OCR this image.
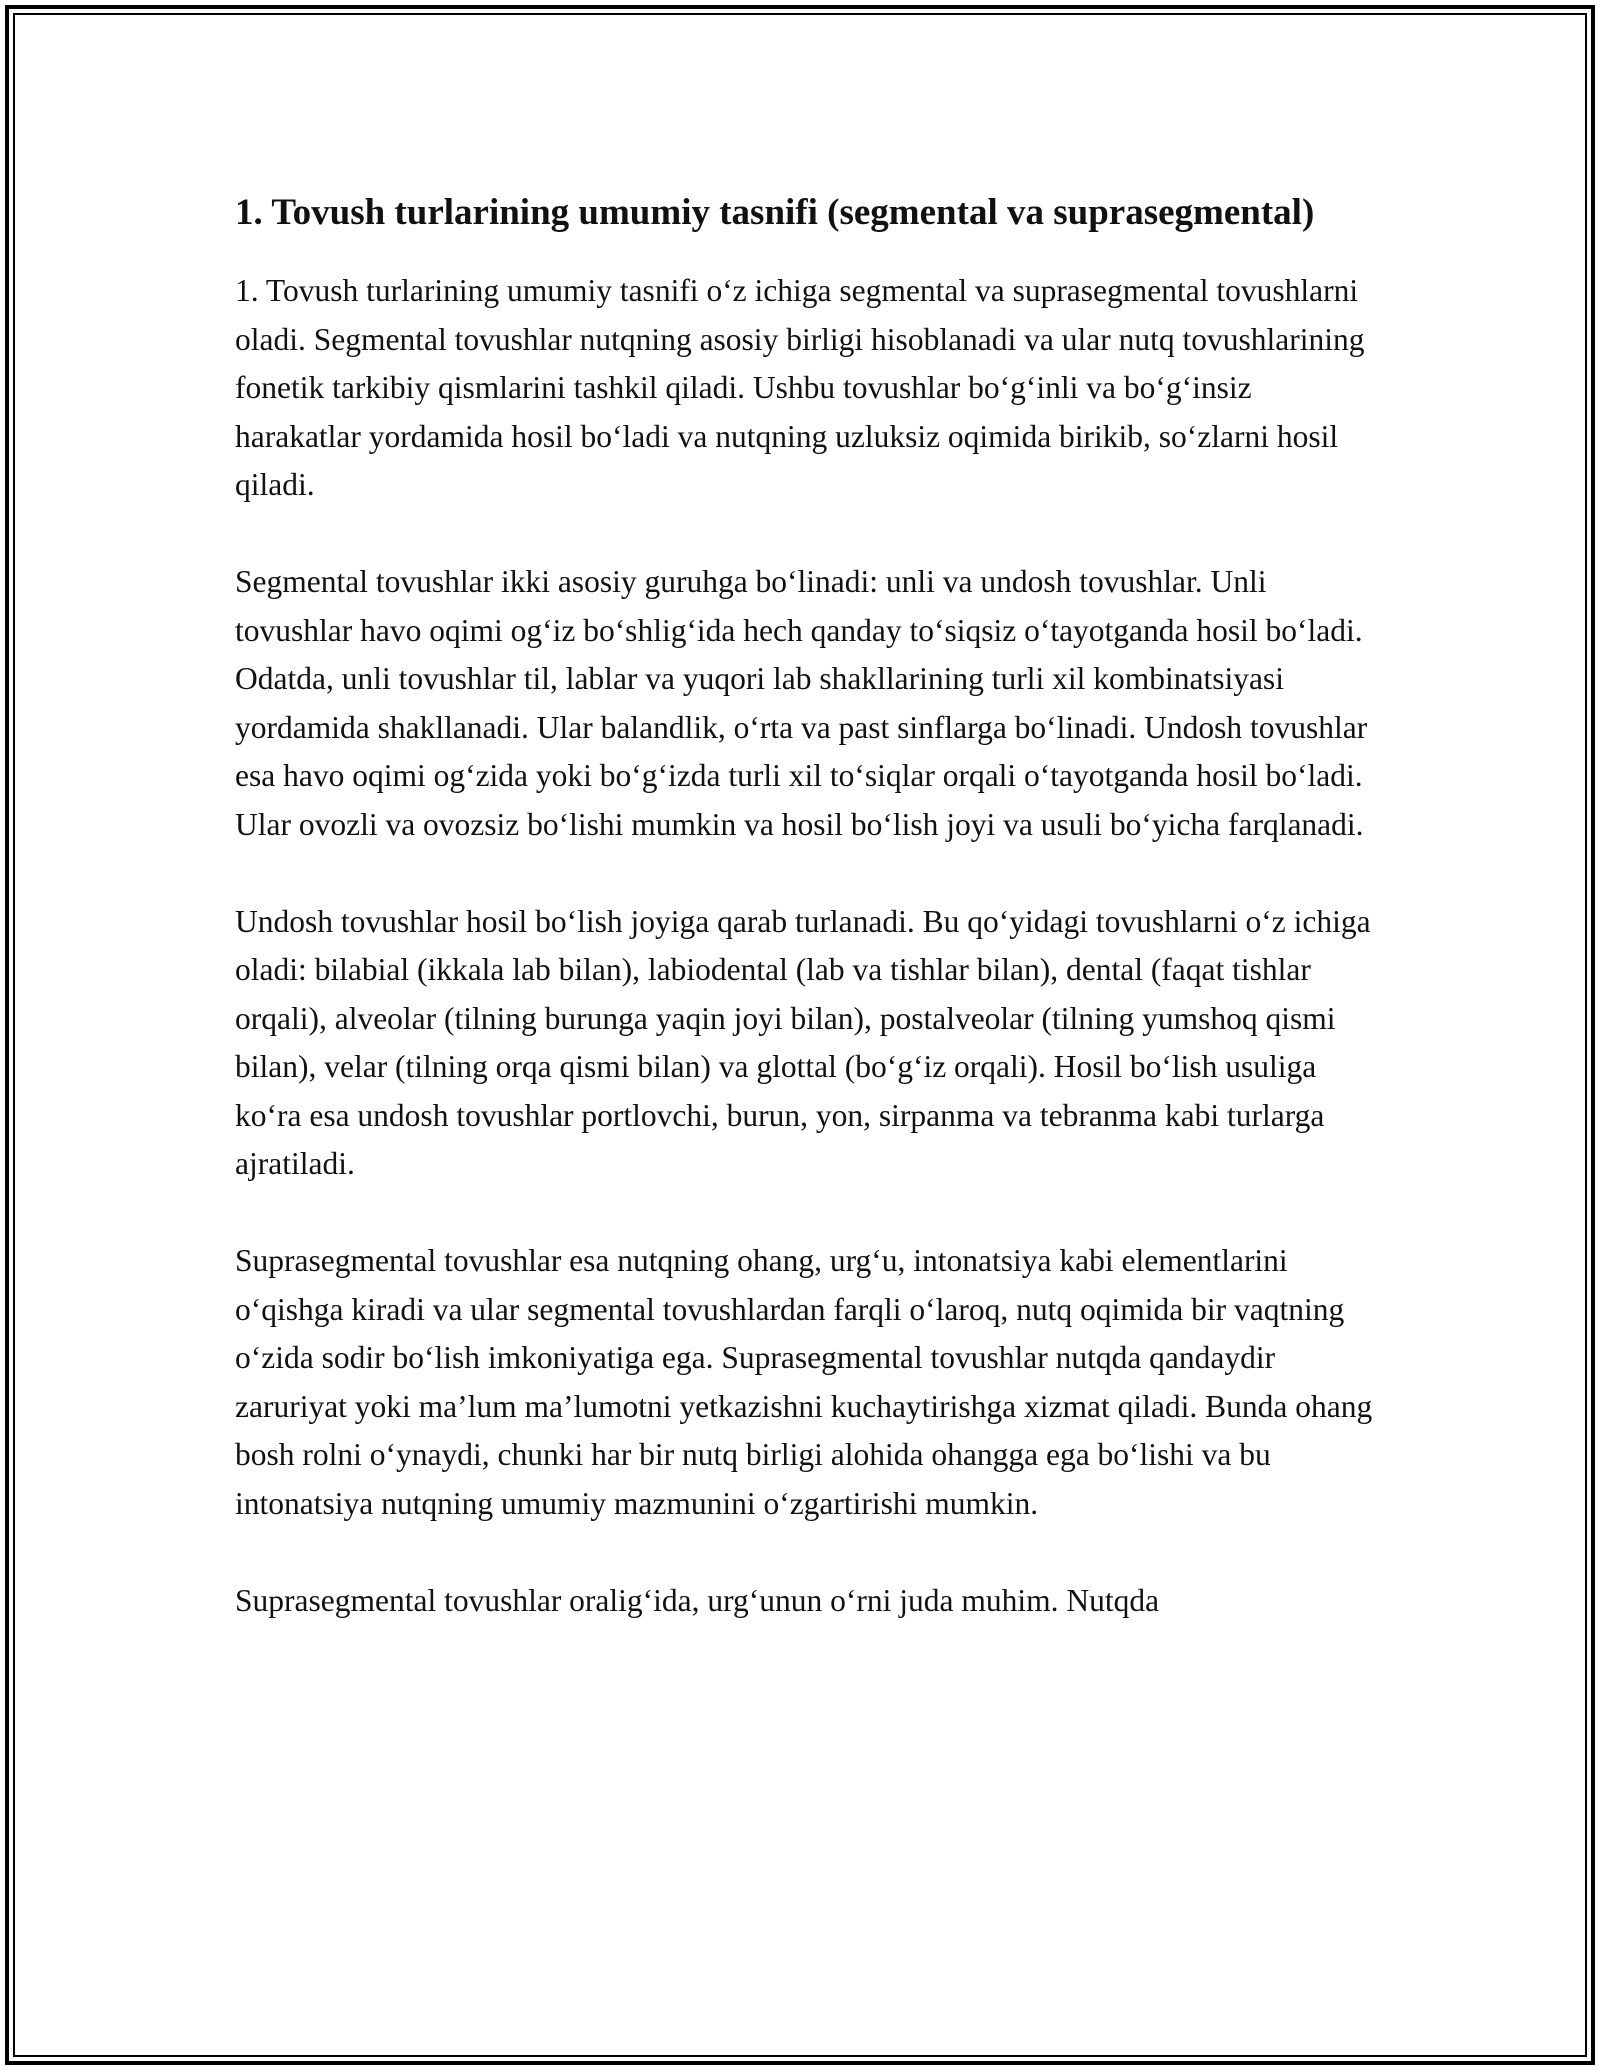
1. Tovush turlarining umumiy tasnifi (segmental va suprasegmental)

1. Tovush turlarining umumiy tasnifi o‘z ichiga segmental va suprasegmental tovushlarni oladi. Segmental tovushlar nutqning asosiy birligi hisoblanadi va ular nutq tovushlarining fonetik tarkibiy qismlarini tashkil qiladi. Ushbu tovushlar bo‘g‘inli va bo‘g‘insiz harakatlar yordamida hosil bo‘ladi va nutqning uzluksiz oqimida birikib, so‘zlarni hosil qiladi.

Segmental tovushlar ikki asosiy guruhga bo‘linadi: unli va undosh tovushlar. Unli tovushlar havo oqimi og‘iz bo‘shlig‘ida hech qanday to‘siqsiz o‘tayotganda hosil bo‘ladi. Odatda, unli tovushlar til, lablar va yuqori lab shakllarining turli xil kombinatsiyasi yordamida shakllanadi. Ular balandlik, o‘rta va past sinflarga bo‘linadi. Undosh tovushlar esa havo oqimi og‘zida yoki bo‘g‘izda turli xil to‘siqlar orqali o‘tayotganda hosil bo‘ladi. Ular ovozli va ovozsiz bo‘lishi mumkin va hosil bo‘lish joyi va usuli bo‘yicha farqlanadi.

Undosh tovushlar hosil bo‘lish joyiga qarab turlanadi. Bu qo‘yidagi tovushlarni o‘z ichiga oladi: bilabial (ikkala lab bilan), labiodental (lab va tishlar bilan), dental (faqat tishlar orqali), alveolar (tilning burunga yaqin joyi bilan), postalveolar (tilning yumshoq qismi bilan), velar (tilning orqa qismi bilan) va glottal (bo‘g‘iz orqali). Hosil bo‘lish usuliga ko‘ra esa undosh tovushlar portlovchi, burun, yon, sirpanma va tebranma kabi turlarga ajratiladi.

Suprasegmental tovushlar esa nutqning ohang, urg‘u, intonatsiya kabi elementlarini o‘qishga kiradi va ular segmental tovushlardan farqli o‘laroq, nutq oqimida bir vaqtning o‘zida sodir bo‘lish imkoniyatiga ega. Suprasegmental tovushlar nutqda qandaydir zaruriyat yoki ma’lum ma’lumotni yetkazishni kuchaytirishga xizmat qiladi. Bunda ohang bosh rolni o‘ynaydi, chunki har bir nutq birligi alohida ohangga ega bo‘lishi va bu intonatsiya nutqning umumiy mazmunini o‘zgartirishi mumkin.

Suprasegmental tovushlar oralig‘ida, urg‘unun o‘rni juda muhim. Nutqda
